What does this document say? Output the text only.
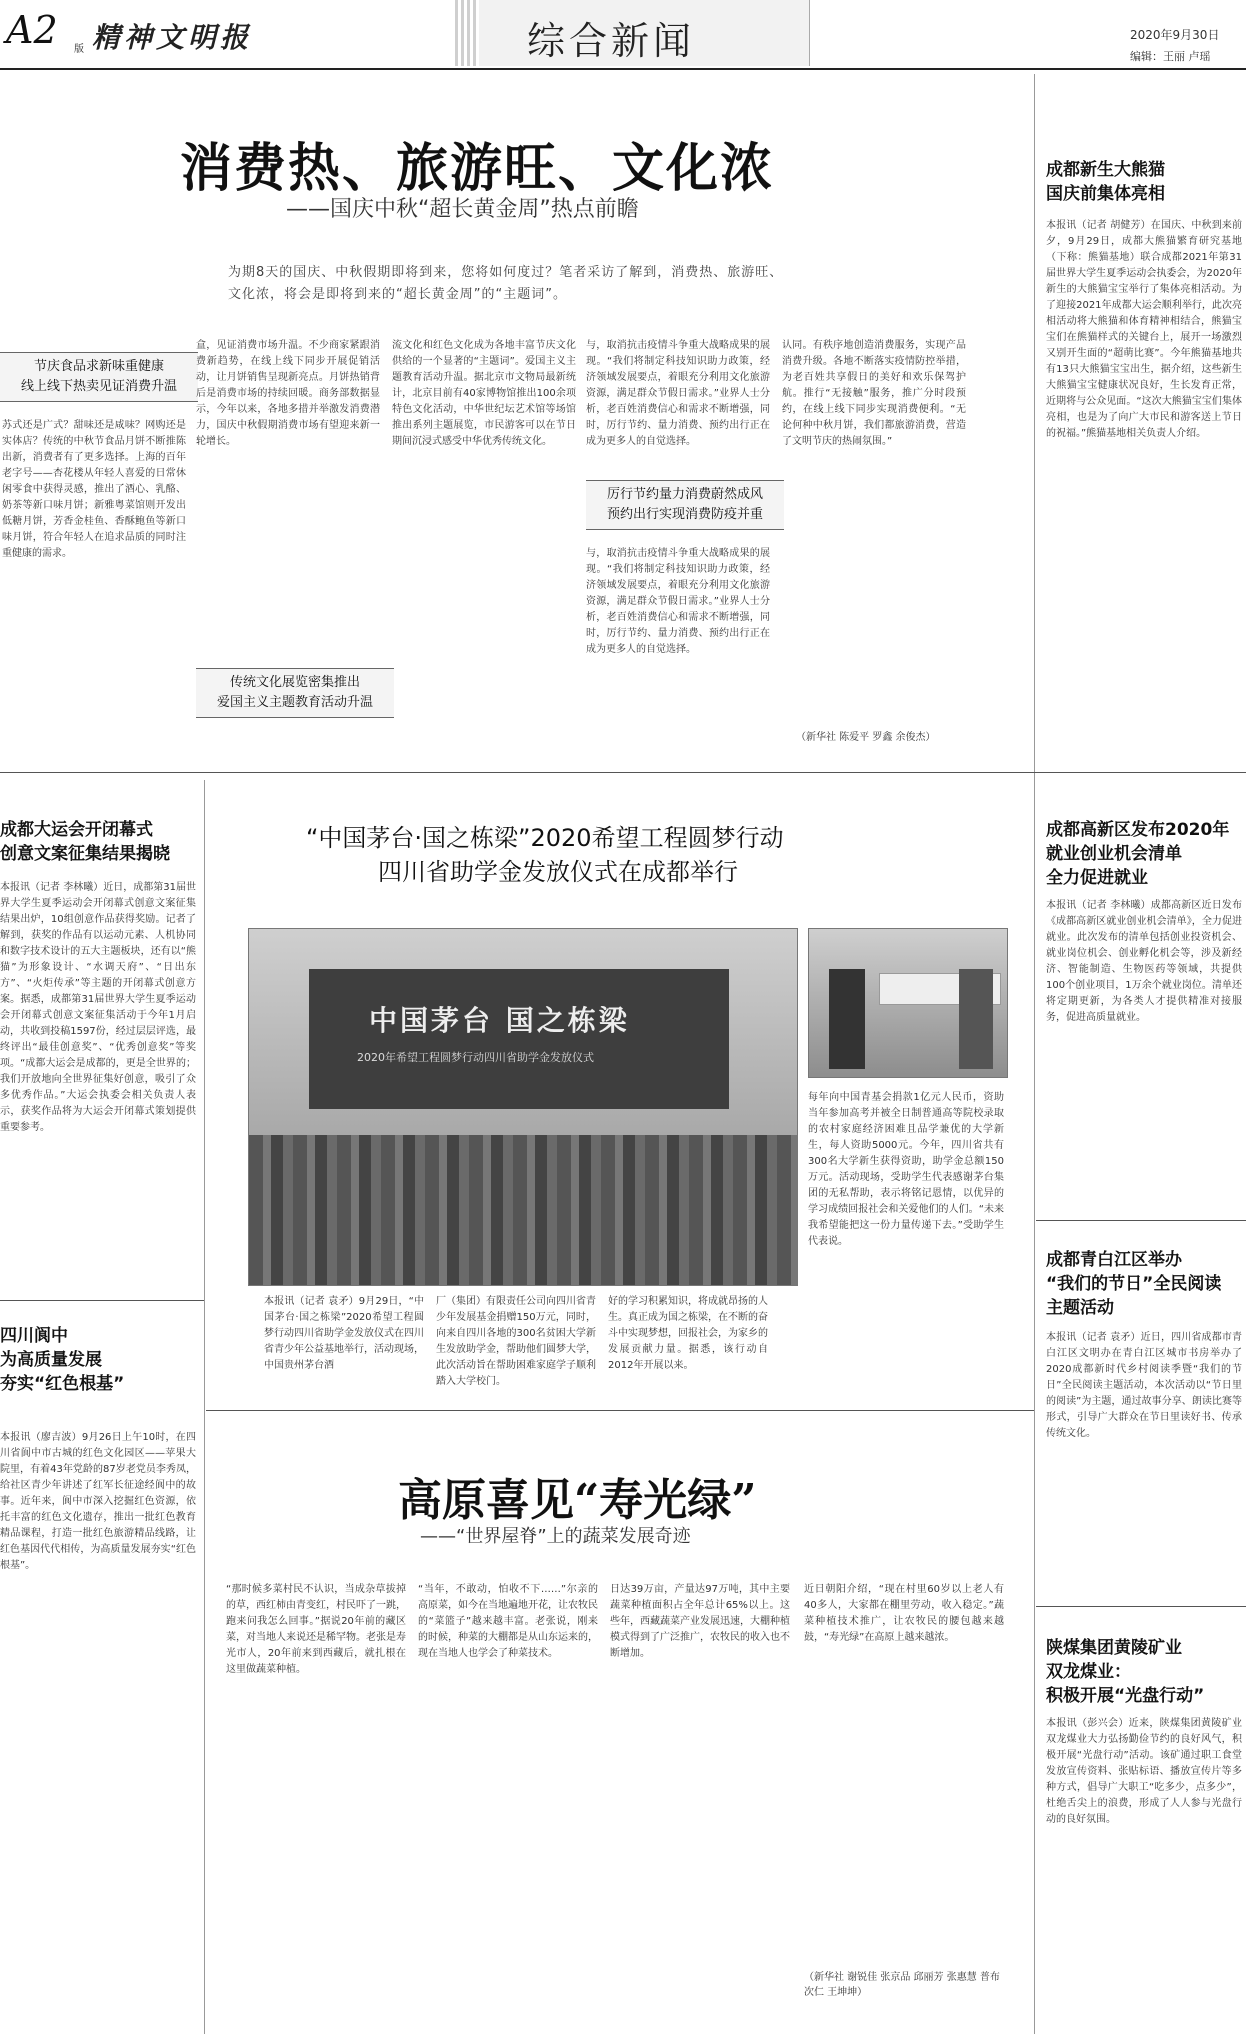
A2 版 精神文明报	综合新闻	2020年9月30日
编辑：王丽 卢瑶
消费热、旅游旺、文化浓
——国庆中秋“超长黄金周”热点前瞻
为期8天的国庆、中秋假期即将到来，您将如何度过？笔者采访了解到，消费热、旅游旺、文化浓，将会是即将到来的“超长黄金周”的“主题词”。
节庆食品求新味重健康
线上线下热卖见证消费升温
苏式还是广式？甜味还是咸味？网购还是实体店？传统的中秋节食品月饼不断推陈出新，消费者有了更多选择。上海的百年老字号——杏花楼从年轻人喜爱的日常休闲零食中获得灵感，推出了酒心、乳酪、奶茶等新口味月饼；新雅粤菜馆则开发出低糖月饼，芳香金桂鱼、香酥鲍鱼等新口味月饼，符合年轻人在追求品质的同时注重健康的需求。
盒，见证消费市场升温。不少商家紧跟消费新趋势，在线上线下同步开展促销活动，让月饼销售呈现新亮点。月饼热销背后是消费市场的持续回暖。商务部数据显示，今年以来，各地多措并举激发消费潜力，国庆中秋假期消费市场有望迎来新一轮增长。
传统文化展览密集推出
爱国主义主题教育活动升温
流文化和红色文化成为各地丰富节庆文化供给的一个显著的“主题词”。爱国主义主题教育活动升温。据北京市文物局最新统计，北京目前有40家博物馆推出100余项特色文化活动，中华世纪坛艺术馆等场馆推出系列主题展览，市民游客可以在节日期间沉浸式感受中华优秀传统文化。
与，取消抗击疫情斗争重大战略成果的展现。“我们将制定科技知识助力政策，经济领域发展要点，着眼充分利用文化旅游资源，满足群众节假日需求。”业界人士分析，老百姓消费信心和需求不断增强，同时，厉行节约、量力消费、预约出行正在成为更多人的自觉选择。
厉行节约量力消费蔚然成风
预约出行实现消费防疫并重
与，取消抗击疫情斗争重大战略成果的展现。“我们将制定科技知识助力政策，经济领域发展要点，着眼充分利用文化旅游资源，满足群众节假日需求。”业界人士分析，老百姓消费信心和需求不断增强，同时，厉行节约、量力消费、预约出行正在成为更多人的自觉选择。
认同。有秩序地创造消费服务，实现产品消费升级。各地不断落实疫情防控举措，为老百姓共享假日的美好和欢乐保驾护航。推行“无接触”服务，推广分时段预约，在线上线下同步实现消费便利。“无论何种中秋月饼，我们都旅游消费，营造了文明节庆的热闹氛围。”
（新华社 陈爱平 罗鑫 余俊杰）
成都新生大熊猫
国庆前集体亮相
本报讯（记者 胡健芳）在国庆、中秋到来前夕，9月29日，成都大熊猫繁育研究基地（下称：熊猫基地）联合成都2021年第31届世界大学生夏季运动会执委会，为2020年新生的大熊猫宝宝举行了集体亮相活动。为了迎接2021年成都大运会顺利举行，此次亮相活动将大熊猫和体育精神相结合，熊猫宝宝们在熊猫样式的关键台上，展开一场激烈又别开生面的“超萌比赛”。今年熊猫基地共有13只大熊猫宝宝出生，据介绍，这些新生大熊猫宝宝健康状况良好，生长发育正常，近期将与公众见面。“这次大熊猫宝宝们集体亮相，也是为了向广大市民和游客送上节日的祝福。”熊猫基地相关负责人介绍。
成都大运会开闭幕式
创意文案征集结果揭晓
本报讯（记者 李林曦）近日，成都第31届世界大学生夏季运动会开闭幕式创意文案征集结果出炉，10组创意作品获得奖励。记者了解到，获奖的作品有以运动元素、人机协同和数字技术设计的五大主题板块，还有以“熊猫”为形象设计、“水调天府”、“日出东方”、“火炬传承”等主题的开闭幕式创意方案。据悉，成都第31届世界大学生夏季运动会开闭幕式创意文案征集活动于今年1月启动，共收到投稿1597份，经过层层评选，最终评出“最佳创意奖”、“优秀创意奖”等奖项。“成都大运会是成都的，更是全世界的；我们开放地向全世界征集好创意，吸引了众多优秀作品。”大运会执委会相关负责人表示，获奖作品将为大运会开闭幕式策划提供重要参考。
“中国茅台·国之栋梁”2020希望工程圆梦行动
四川省助学金发放仪式在成都举行
中国茅台 国之栋梁
2020年希望工程圆梦行动四川省助学金发放仪式
本报讯（记者 袁矛）9月29日，“中国茅台·国之栋梁”2020希望工程圆梦行动四川省助学金发放仪式在四川省青少年公益基地举行，活动现场，中国贵州茅台酒
厂（集团）有限责任公司向四川省青少年发展基金捐赠150万元，同时，向来自四川各地的300名贫困大学新生发放助学金，帮助他们圆梦大学，此次活动旨在帮助困难家庭学子顺利踏入大学校门。
好的学习积累知识，将成就昂扬的人生。真正成为国之栋梁，在不断的奋斗中实现梦想，回报社会，为家乡的发展贡献力量。据悉，该行动自2012年开展以来。
每年向中国青基会捐款1亿元人民币，资助当年参加高考并被全日制普通高等院校录取的农村家庭经济困难且品学兼优的大学新生，每人资助5000元。今年，四川省共有300名大学新生获得资助，助学金总额150万元。活动现场，受助学生代表感谢茅台集团的无私帮助，表示将铭记恩情，以优异的学习成绩回报社会和关爱他们的人们。“未来我希望能把这一份力量传递下去。”受助学生代表说。
成都高新区发布2020年
就业创业机会清单
全力促进就业
本报讯（记者 李林曦）成都高新区近日发布《成都高新区就业创业机会清单》，全力促进就业。此次发布的清单包括创业投资机会、就业岗位机会、创业孵化机会等，涉及新经济、智能制造、生物医药等领域，共提供100个创业项目，1万余个就业岗位。清单还将定期更新，为各类人才提供精准对接服务，促进高质量就业。
成都青白江区举办
“我们的节日”全民阅读
主题活动
本报讯（记者 袁矛）近日，四川省成都市青白江区文明办在青白江区城市书房举办了2020成都新时代乡村阅读季暨“我们的节日”全民阅读主题活动，本次活动以“节日里的阅读”为主题，通过故事分享、朗读比赛等形式，引导广大群众在节日里读好书、传承传统文化。
陕煤集团黄陵矿业
双龙煤业：
积极开展“光盘行动”
本报讯（彭兴会）近来，陕煤集团黄陵矿业双龙煤业大力弘扬勤俭节约的良好风气，积极开展“光盘行动”活动。该矿通过职工食堂发放宣传资料、张贴标语、播放宣传片等多种方式，倡导广大职工“吃多少，点多少”，杜绝舌尖上的浪费，形成了人人参与光盘行动的良好氛围。
四川阆中
为高质量发展
夯实“红色根基”
本报讯（廖吉波）9月26日上午10时，在四川省阆中市古城的红色文化园区——苹果大院里，有着43年党龄的87岁老党员李秀凤，给社区青少年讲述了红军长征途经阆中的故事。近年来，阆中市深入挖掘红色资源，依托丰富的红色文化遗存，推出一批红色教育精品课程，打造一批红色旅游精品线路，让红色基因代代相传，为高质量发展夯实“红色根基”。
高原喜见“寿光绿”
——“世界屋脊”上的蔬菜发展奇迹
“那时候多菜村民不认识，当成杂草拔掉的草，西红柿由青变红，村民吓了一跳，跑来问我怎么回事。”据说20年前的藏区菜，对当地人来说还是稀罕物。老张是寿光市人，20年前来到西藏后，就扎根在这里做蔬菜种植。
“当年，不敢动，怕收不下……”尔亲的高原菜，如今在当地遍地开花，让农牧民的“菜篮子”越来越丰富。老张说，刚来的时候，种菜的大棚都是从山东运来的，现在当地人也学会了种菜技术。
日达39万亩，产量达97万吨，其中主要蔬菜种植面积占全年总计65%以上。这些年，西藏蔬菜产业发展迅速，大棚种植模式得到了广泛推广，农牧民的收入也不断增加。
近日朝阳介绍，“现在村里60岁以上老人有40多人，大家都在棚里劳动，收入稳定。”蔬菜种植技术推广，让农牧民的腰包越来越鼓，“寿光绿”在高原上越来越浓。
（新华社 谢锐佳 张京品 邱丽芳 张惠慧 普布次仁 王坤坤）
